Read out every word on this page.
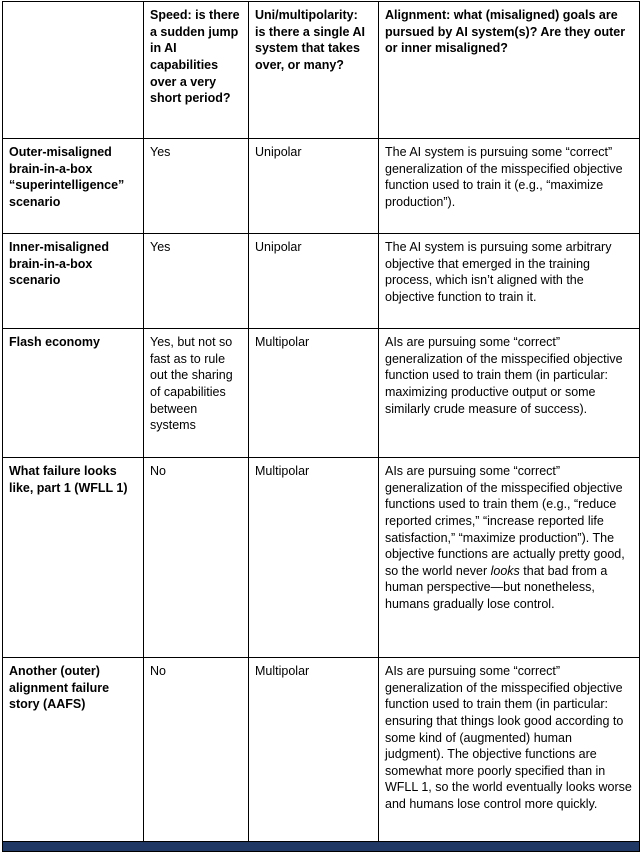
	Speed: is there a sudden jump in AI capabilities over a very short period?	Uni/multipolarity: is there a single AI system that takes over, or many?	Alignment: what (misaligned) goals are pursued by AI system(s)? Are they outer or inner misaligned?
Outer-misaligned brain-in-a-box “superintelligence” scenario	Yes	Unipolar	The AI system is pursuing some “correct” generalization of the misspecified objective function used to train it (e.g., “maximize production”).
Inner-misaligned brain-in-a-box scenario	Yes	Unipolar	The AI system is pursuing some arbitrary objective that emerged in the training process, which isn’t aligned with the objective function to train it.
Flash economy	Yes, but not so fast as to rule out the sharing of capabilities between systems	Multipolar	AIs are pursuing some “correct” generalization of the misspecified objective function used to train them (in particular: maximizing productive output or some similarly crude measure of success).
What failure looks like, part 1 (WFLL 1)	No	Multipolar	AIs are pursuing some “correct” generalization of the misspecified objective functions used to train them (e.g., “reduce reported crimes,” “increase reported life satisfaction,” “maximize production”). The objective functions are actually pretty good, so the world never looks that bad from a human perspective—but nonetheless, humans gradually lose control.
Another (outer) alignment failure story (AAFS)	No	Multipolar	AIs are pursuing some “correct” generalization of the misspecified objective function used to train them (in particular: ensuring that things look good according to some kind of (augmented) human judgment). The objective functions are somewhat more poorly specified than in WFLL 1, so the world eventually looks worse and humans lose control more quickly.
